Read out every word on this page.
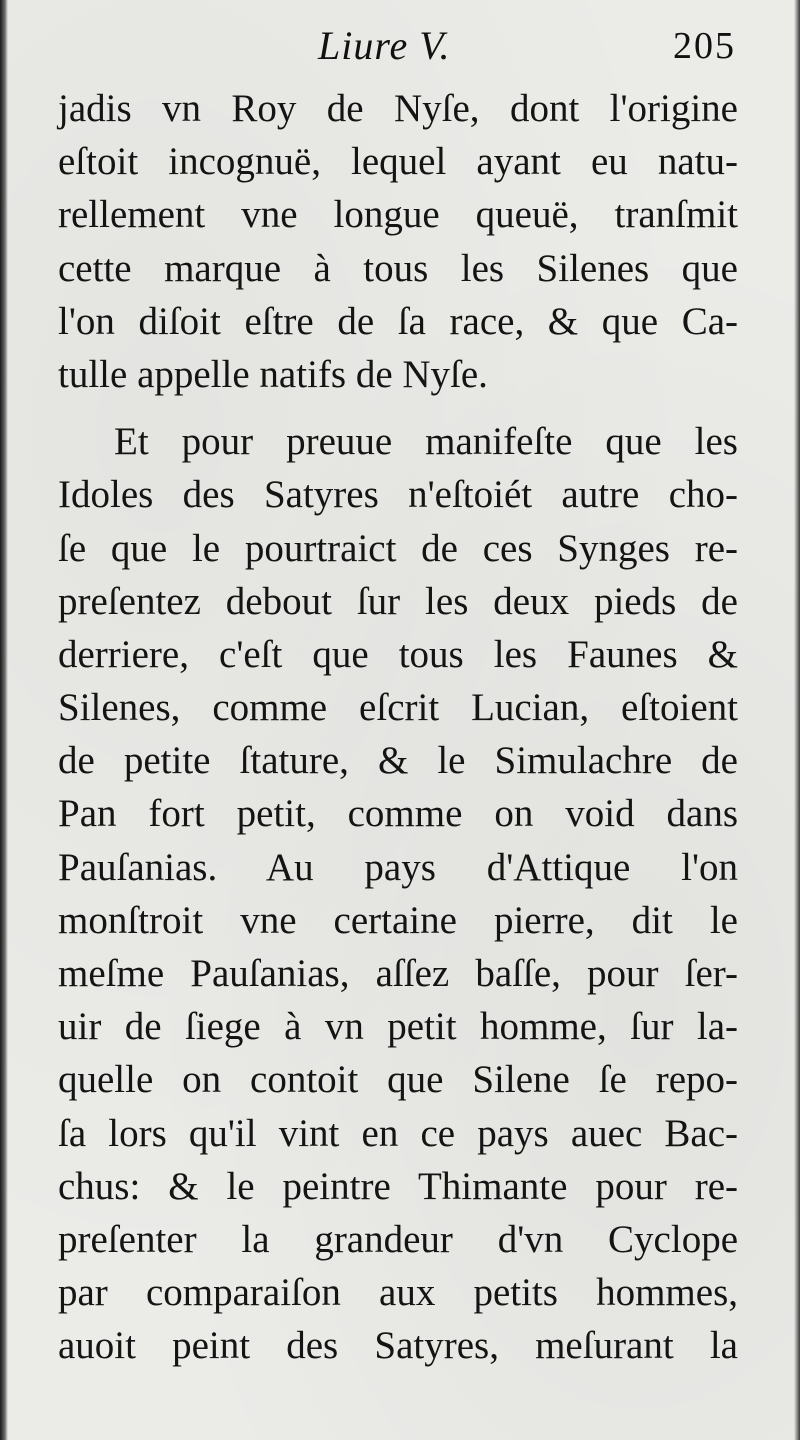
Liure V.	205
jadis vn Roy de Nyſe, dont l'origine
eſtoit incognuë, lequel ayant eu natu-
rellement vne longue queuë, tranſmit
cette marque à tous les Silenes que
l'on diſoit eſtre de ſa race, & que Ca-
tulle appelle natifs de Nyſe.
Et pour preuue manifeſte que les
Idoles des Satyres n'eſtoiét autre cho-
ſe que le pourtraict de ces Synges re-
preſentez debout ſur les deux pieds de
derriere, c'eſt que tous les Faunes &
Silenes, comme eſcrit Lucian, eſtoient
de petite ſtature, & le Simulachre de
Pan fort petit, comme on void dans
Pauſanias. Au pays d'Attique l'on
monſtroit vne certaine pierre, dit le
meſme Pauſanias, aſſez baſſe, pour ſer-
uir de ſiege à vn petit homme, ſur la-
quelle on contoit que Silene ſe repo-
ſa lors qu'il vint en ce pays auec Bac-
chus: & le peintre Thimante pour re-
preſenter la grandeur d'vn Cyclope
par comparaiſon aux petits hommes,
auoit peint des Satyres, meſurant la
